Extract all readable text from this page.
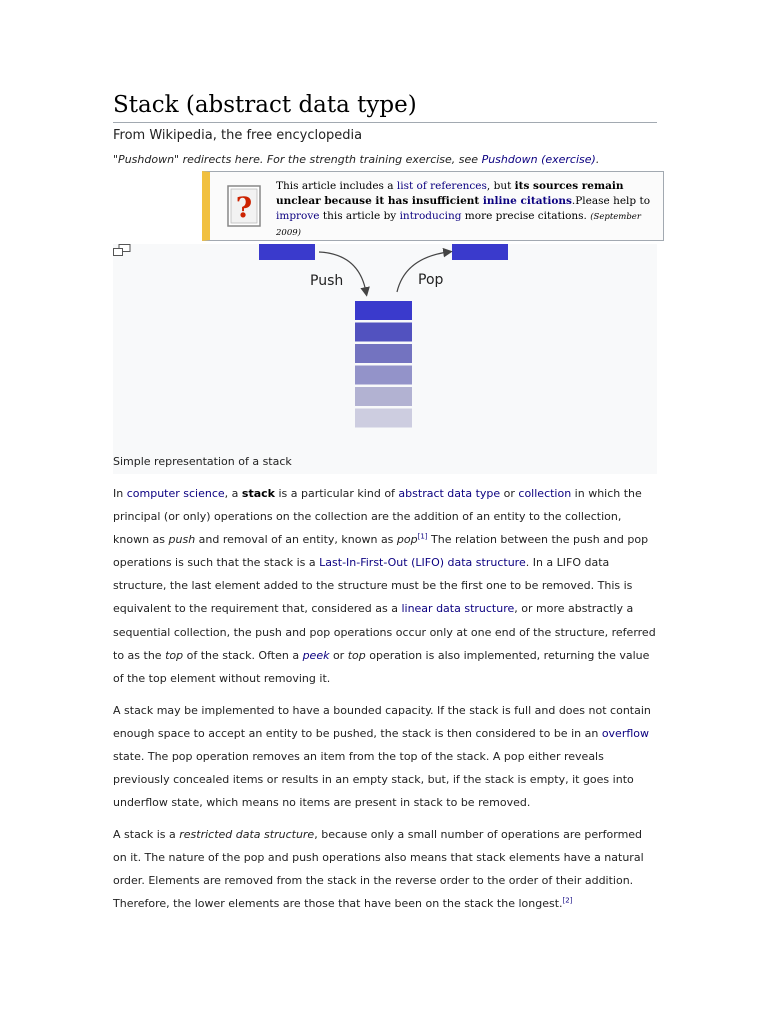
Stack (abstract data type)
From Wikipedia, the free encyclopedia
"Pushdown" redirects here. For the strength training exercise, see Pushdown (exercise).
?
This article includes a list of references, but its sources remain unclear because it has insufficient inline citations.Please help to improve this article by introducing more precise citations. (September 2009)
Push	Pop
Simple representation of a stack
In computer science, a stack is a particular kind of abstract data type or collection in which the principal (or only) operations on the collection are the addition of an entity to the collection, known as push and removal of an entity, known as pop[1] The relation between the push and pop operations is such that the stack is a Last-In-First-Out (LIFO) data structure. In a LIFO data structure, the last element added to the structure must be the first one to be removed. This is equivalent to the requirement that, considered as a linear data structure, or more abstractly a sequential collection, the push and pop operations occur only at one end of the structure, referred to as the top of the stack. Often a peek or top operation is also implemented, returning the value of the top element without removing it.
A stack may be implemented to have a bounded capacity. If the stack is full and does not contain enough space to accept an entity to be pushed, the stack is then considered to be in an overflow state. The pop operation removes an item from the top of the stack. A pop either reveals previously concealed items or results in an empty stack, but, if the stack is empty, it goes into underflow state, which means no items are present in stack to be removed.
A stack is a restricted data structure, because only a small number of operations are performed on it. The nature of the pop and push operations also means that stack elements have a natural order. Elements are removed from the stack in the reverse order to the order of their addition. Therefore, the lower elements are those that have been on the stack the longest.[2]
